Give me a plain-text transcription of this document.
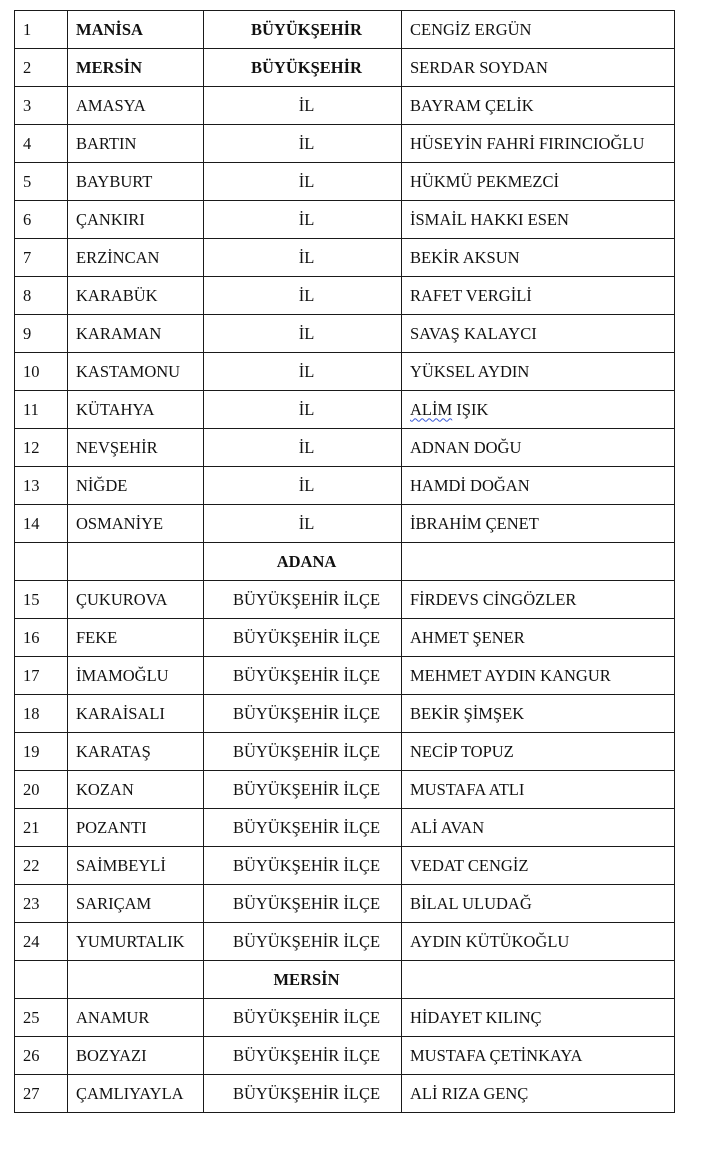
1	MANİSA	BÜYÜKŞEHİR	CENGİZ ERGÜN
2	MERSİN	BÜYÜKŞEHİR	SERDAR SOYDAN
3	AMASYA	İL	BAYRAM ÇELİK
4	BARTIN	İL	HÜSEYİN FAHRİ FIRINCIOĞLU
5	BAYBURT	İL	HÜKMÜ PEKMEZCİ
6	ÇANKIRI	İL	İSMAİL HAKKI ESEN
7	ERZİNCAN	İL	BEKİR AKSUN
8	KARABÜK	İL	RAFET VERGİLİ
9	KARAMAN	İL	SAVAŞ KALAYCI
10	KASTAMONU	İL	YÜKSEL AYDIN
11	KÜTAHYA	İL	ALİM IŞIK
12	NEVŞEHİR	İL	ADNAN DOĞU
13	NİĞDE	İL	HAMDİ DOĞAN
14	OSMANİYE	İL	İBRAHİM ÇENET
		ADANA	
15	ÇUKUROVA	BÜYÜKŞEHİR İLÇE	FİRDEVS CİNGÖZLER
16	FEKE	BÜYÜKŞEHİR İLÇE	AHMET ŞENER
17	İMAMOĞLU	BÜYÜKŞEHİR İLÇE	MEHMET AYDIN KANGUR
18	KARAİSALI	BÜYÜKŞEHİR İLÇE	BEKİR ŞİMŞEK
19	KARATAŞ	BÜYÜKŞEHİR İLÇE	NECİP TOPUZ
20	KOZAN	BÜYÜKŞEHİR İLÇE	MUSTAFA ATLI
21	POZANTI	BÜYÜKŞEHİR İLÇE	ALİ AVAN
22	SAİMBEYLİ	BÜYÜKŞEHİR İLÇE	VEDAT CENGİZ
23	SARIÇAM	BÜYÜKŞEHİR İLÇE	BİLAL ULUDAĞ
24	YUMURTALIK	BÜYÜKŞEHİR İLÇE	AYDIN KÜTÜKOĞLU
		MERSİN	
25	ANAMUR	BÜYÜKŞEHİR İLÇE	HİDAYET KILINÇ
26	BOZYAZI	BÜYÜKŞEHİR İLÇE	MUSTAFA ÇETİNKAYA
27	ÇAMLIYAYLA	BÜYÜKŞEHİR İLÇE	ALİ RIZA GENÇ
